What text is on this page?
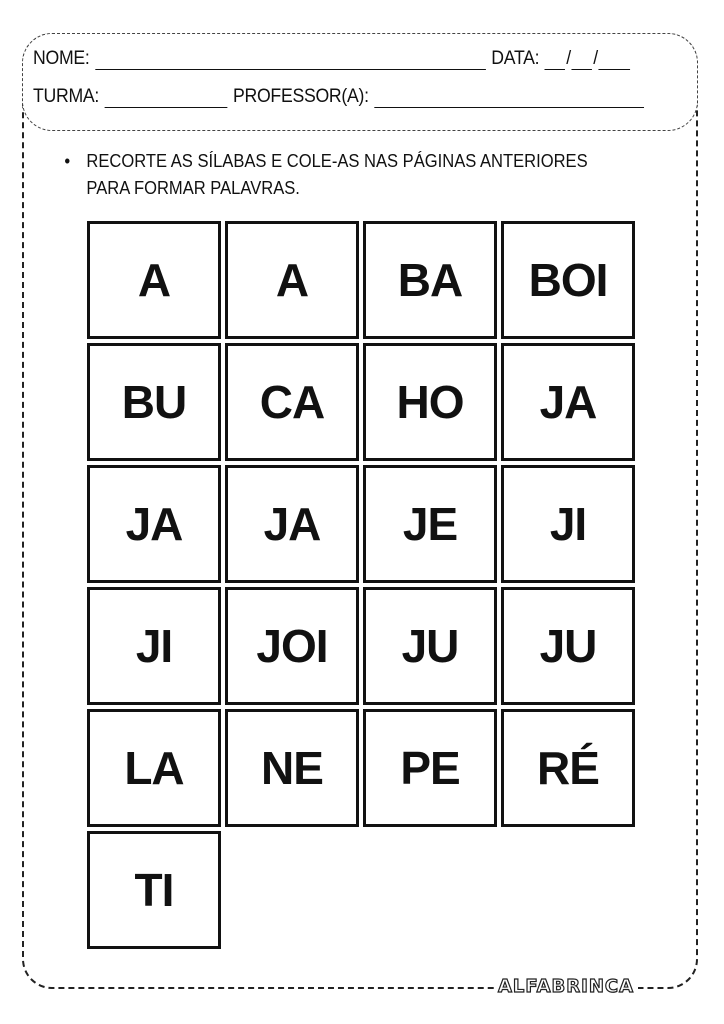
NOME:	DATA: / /
TURMA:	PROFESSOR(A):
• RECORTE AS SÍLABAS E COLE-AS NAS PÁGINAS ANTERIORES
PARA FORMAR PALAVRAS.
A	A	BA	BOI
BU	CA	HO	JA
JA	JA	JE	JI
JI	JOI	JU	JU
LA	NE	PE	RÉ
TI
ALFABRINCA
